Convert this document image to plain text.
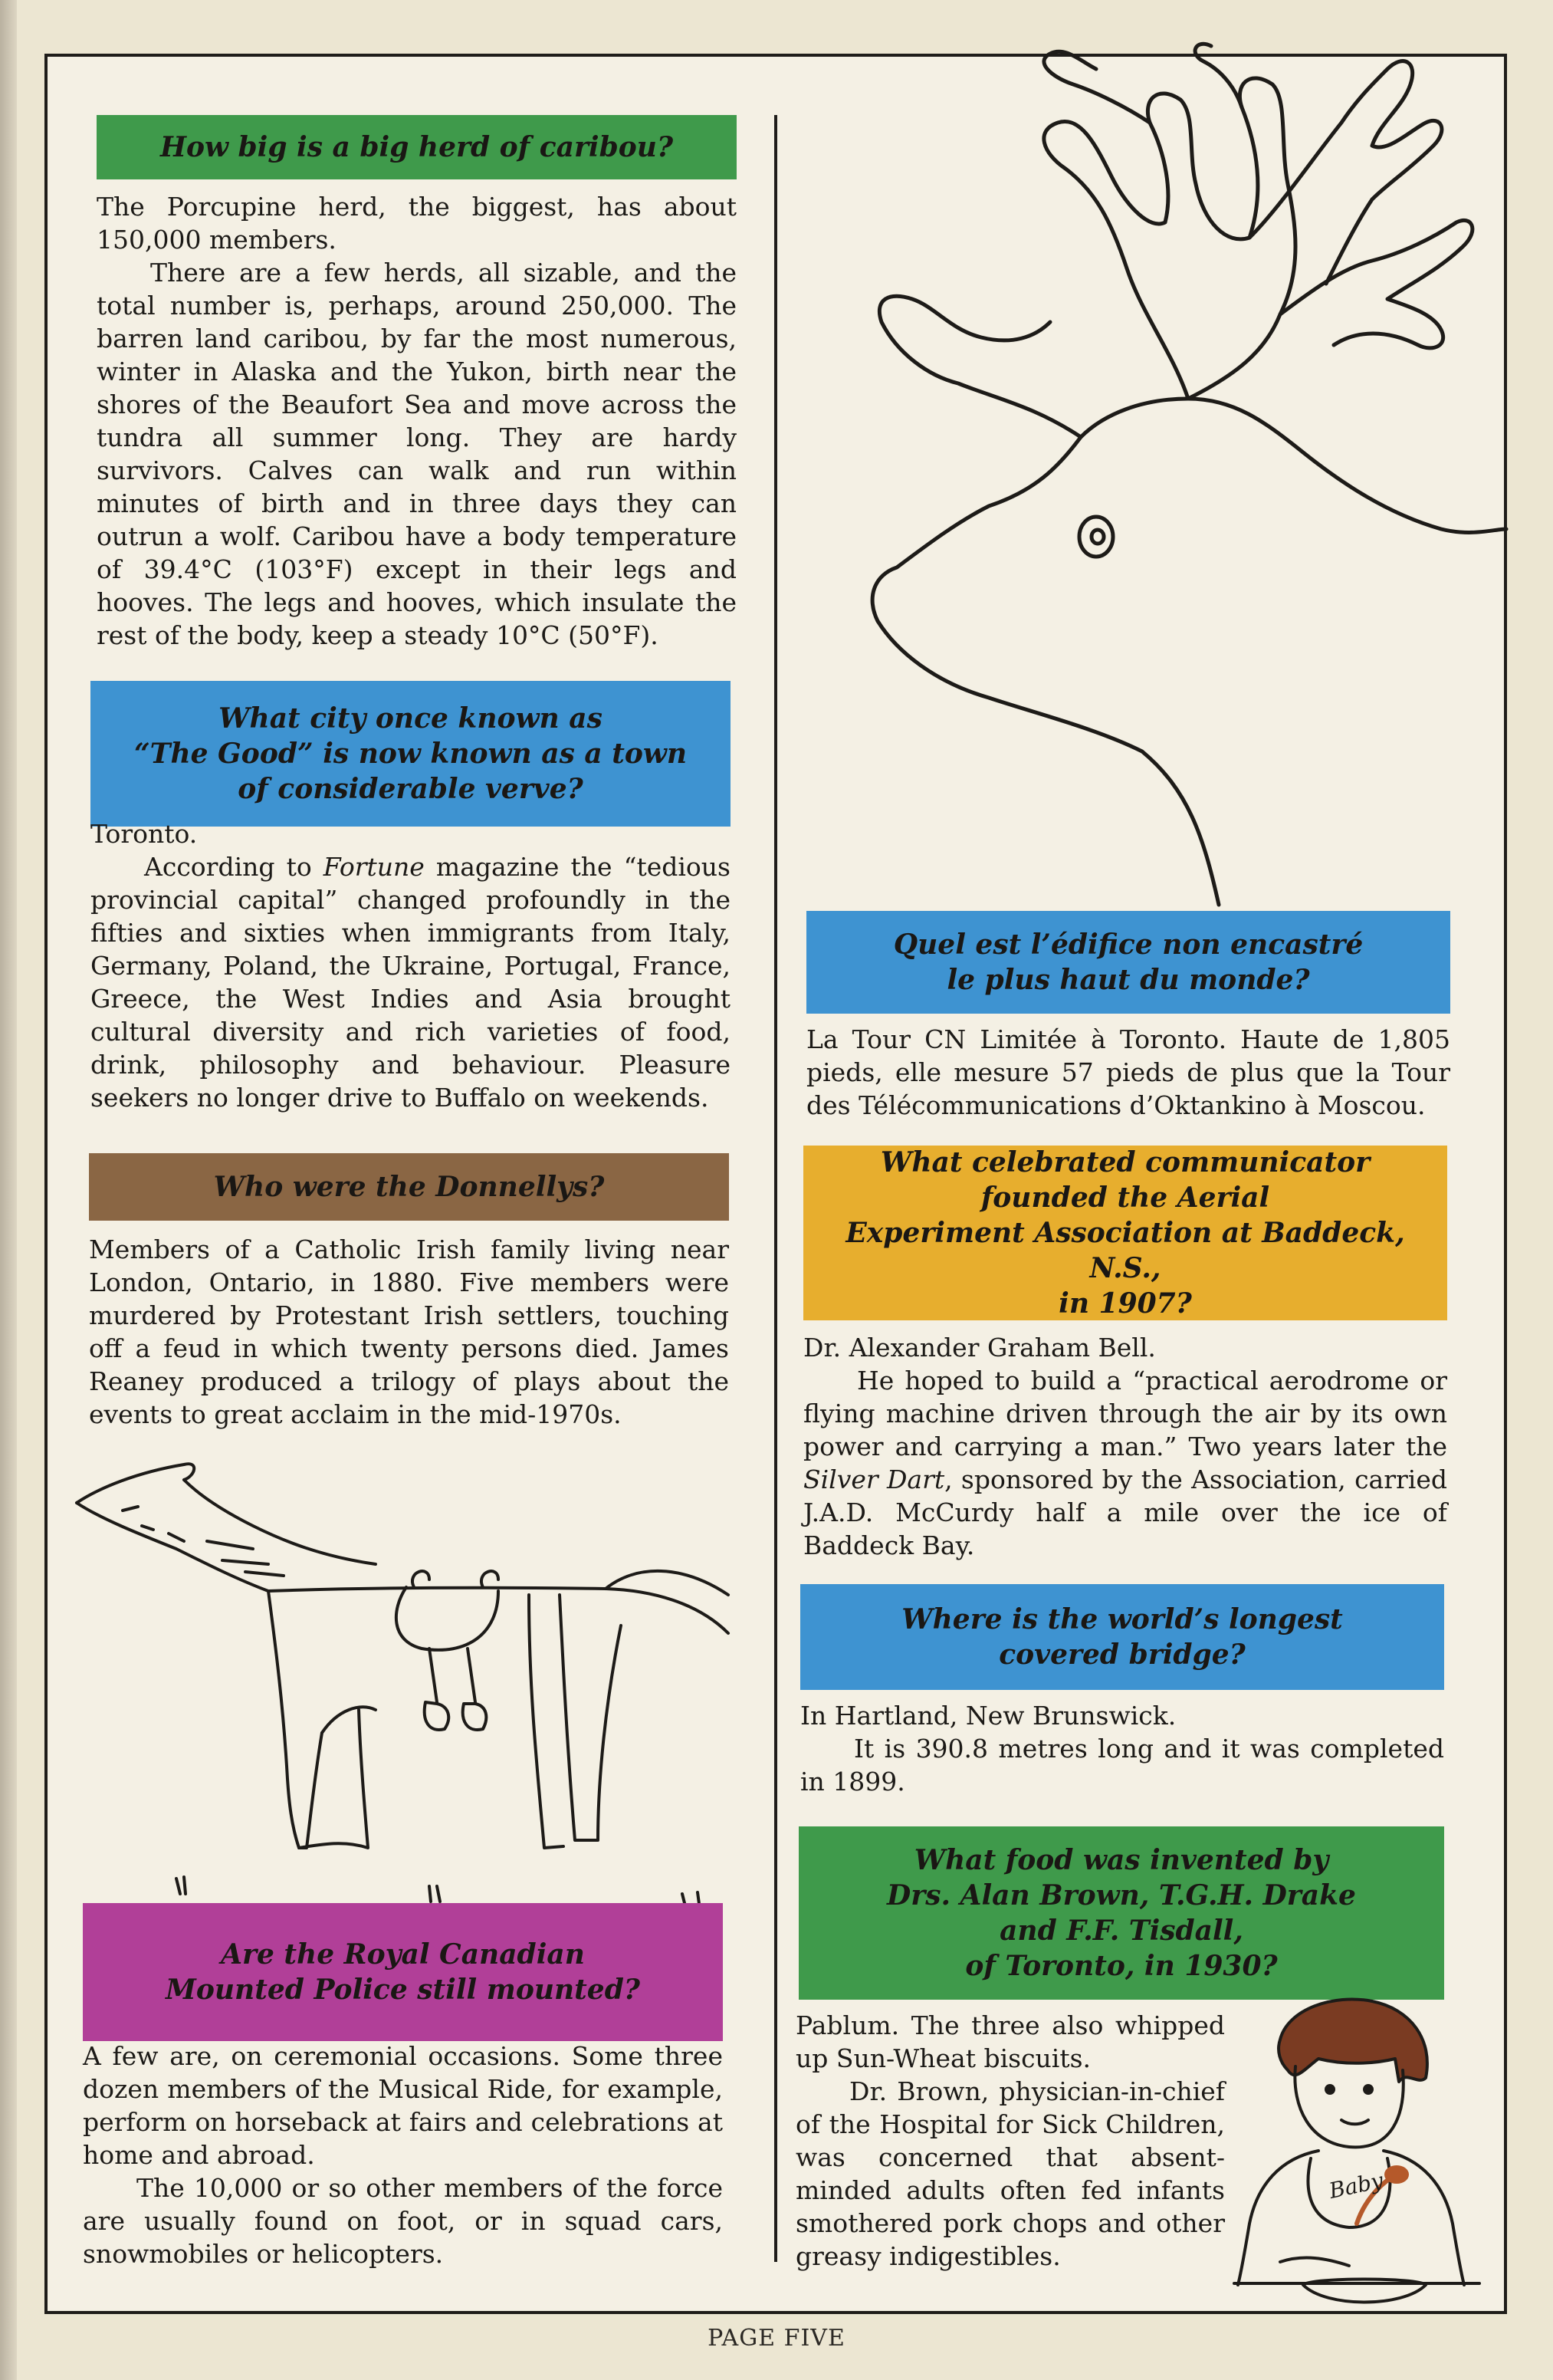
How big is a big herd of caribou?

The Porcupine herd, the biggest, has about 150,000 members.

There are a few herds, all sizable, and the total number is, perhaps, around 250,000. The barren land caribou, by far the most numerous, winter in Alaska and the Yukon, birth near the shores of the Beaufort Sea and move across the tundra all summer long. They are hardy survivors. Calves can walk and run within minutes of birth and in three days they can outrun a wolf. Caribou have a body temperature of 39.4°C (103°F) except in their legs and hooves. The legs and hooves, which insulate the rest of the body, keep a steady 10°C (50°F).

What city once known as
“The Good” is now known as a town
of considerable verve?

Toronto.

According to Fortune magazine the “tedious provincial capital” changed profoundly in the fifties and sixties when immigrants from Italy, Germany, Poland, the Ukraine, Portugal, France, Greece, the West Indies and Asia brought cultural diversity and rich varieties of food, drink, philosophy and behaviour. Pleasure seekers no longer drive to Buffalo on weekends.

Who were the Donnellys?

Members of a Catholic Irish family living near London, Ontario, in 1880. Five members were murdered by Protestant Irish settlers, touching off a feud in which twenty persons died. James Reaney produced a trilogy of plays about the events to great acclaim in the mid-1970s.

Are the Royal Canadian
Mounted Police still mounted?

A few are, on ceremonial occasions. Some three dozen members of the Musical Ride, for example, perform on horseback at fairs and celebrations at home and abroad.

The 10,000 or so other members of the force are usually found on foot, or in squad cars, snowmobiles or helicopters.

Quel est l’édifice non encastré
le plus haut du monde?

La Tour CN Limitée à Toronto. Haute de 1,805 pieds, elle mesure 57 pieds de plus que la Tour des Télécommunications d’Oktankino à Moscou.

What celebrated communicator
founded the Aerial
Experiment Association at Baddeck, N.S.,
in 1907?

Dr. Alexander Graham Bell.

He hoped to build a “practical aerodrome or flying machine driven through the air by its own power and carrying a man.” Two years later the Silver Dart, sponsored by the Association, carried J.A.D. McCurdy half a mile over the ice of Baddeck Bay.

Where is the world’s longest
covered bridge?

In Hartland, New Brunswick.

It is 390.8 metres long and it was completed in 1899.

What food was invented by
Drs. Alan Brown, T.G.H. Drake
and F.F. Tisdall,
of Toronto, in 1930?

Pablum. The three also whipped up Sun-Wheat biscuits.

Dr. Brown, physician-in-chief of the Hospital for Sick Children, was concerned that absent-minded adults often fed infants smothered pork chops and other greasy indigestibles.

Baby
PAGE FIVE
